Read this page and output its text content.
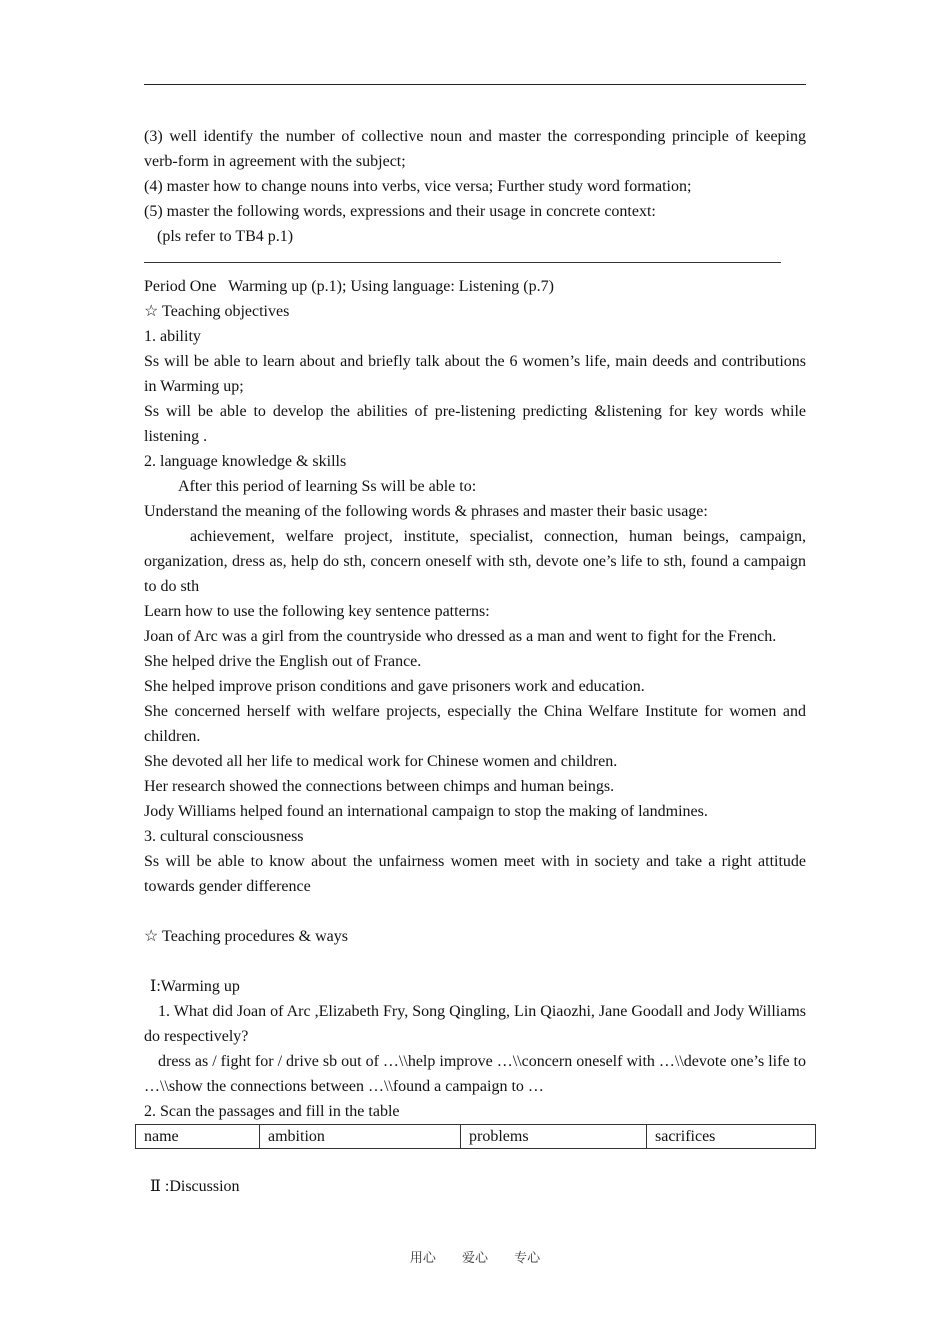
(3) well identify the number of collective noun and master the corresponding principle of keeping verb-form in agreement with the subject;

(4) master how to change nouns into verbs, vice versa; Further study word formation;

(5) master the following words, expressions and their usage in concrete context:

(pls refer to TB4 p.1)

Period One   Warming up (p.1); Using language: Listening (p.7)

☆ Teaching objectives

1. ability

Ss will be able to learn about and briefly talk about the 6 women’s life, main deeds and contributions in Warming up;

Ss will be able to develop the abilities of pre-listening predicting &listening for key words while listening .

2. language knowledge & skills

After this period of learning Ss will be able to:

Understand the meaning of the following words & phrases and master their basic usage:

achievement, welfare project, institute, specialist, connection, human beings, campaign, organization, dress as, help do sth, concern oneself with sth, devote one’s life to sth, found a campaign to do sth

Learn how to use the following key sentence patterns:

Joan of Arc was a girl from the countryside who dressed as a man and went to fight for the French.

She helped drive the English out of France.

She helped improve prison conditions and gave prisoners work and education.

She concerned herself with welfare projects, especially the China Welfare Institute for women and children.

She devoted all her life to medical work for Chinese women and children.

Her research showed the connections between chimps and human beings.

Jody Williams helped found an international campaign to stop the making of landmines.

3. cultural consciousness

Ss will be able to know about the unfairness women meet with in society and take a right attitude towards gender difference

☆ Teaching procedures & ways

Ⅰ:Warming up

1. What did Joan of Arc ,Elizabeth Fry, Song Qingling, Lin Qiaozhi, Jane Goodall and Jody Williams do respectively?

dress as / fight for / drive sb out of …\\help improve …\\concern oneself with …\\devote one’s life to …\\show the connections between …\\found a campaign to …

2. Scan the passages and fill in the table

name	ambition	problems	sacrifices

Ⅱ :Discussion

用心 爱心 专心
